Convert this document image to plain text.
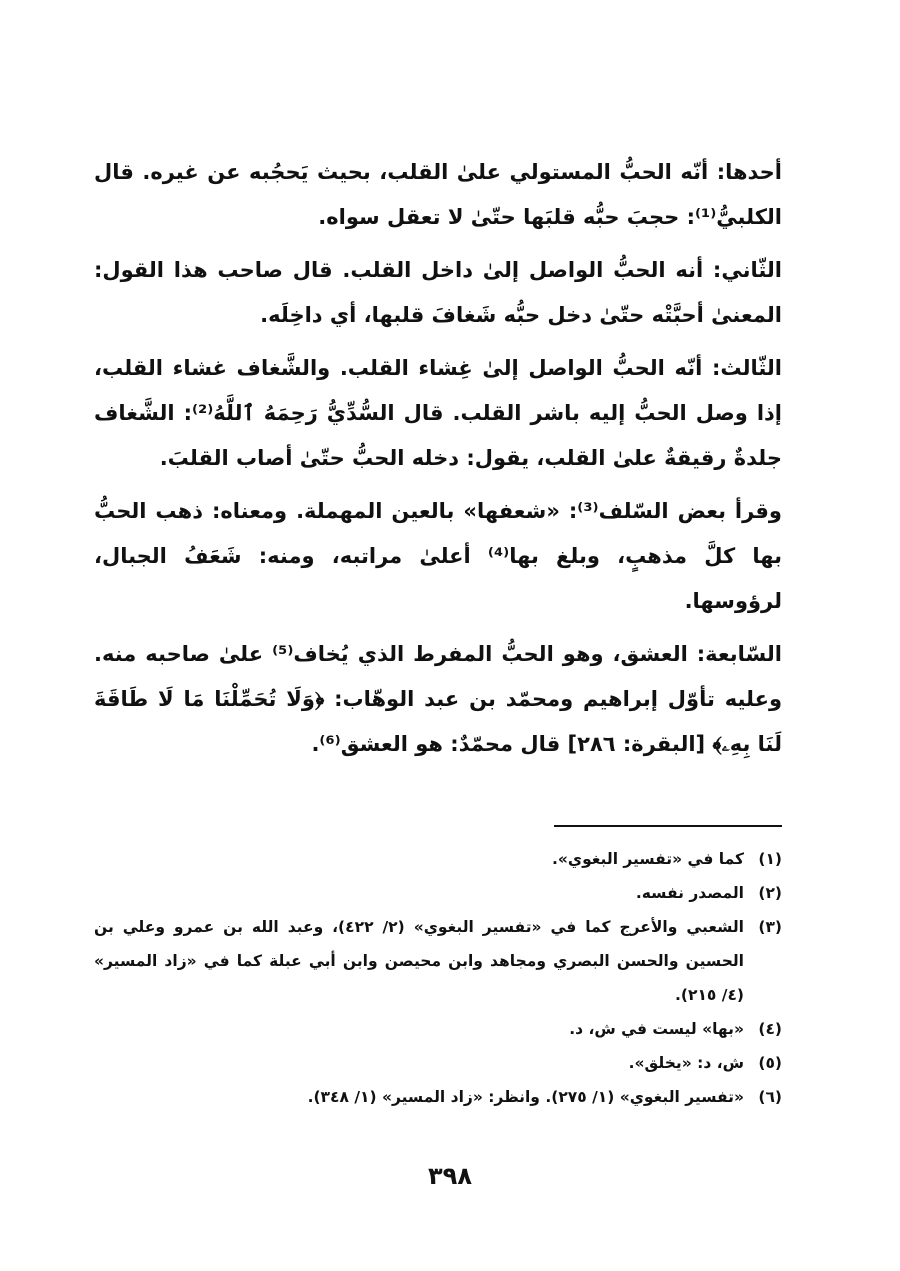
أحدها: أنّه الحبُّ المستولي علىٰ القلب، بحيث يَحجُبه عن غيره. قال الكلبيُّ⁽¹⁾: حجبَ حبُّه قلبَها حتّىٰ لا تعقل سواه.

الثّاني: أنه الحبُّ الواصل إلىٰ داخل القلب. قال صاحب هذا القول: المعنىٰ أحبَّتْه حتّىٰ دخل حبُّه شَغافَ قلبها، أي داخِلَه.

الثّالث: أنّه الحبُّ الواصل إلىٰ غِشاء القلب. والشَّغاف غشاء القلب، إذا وصل الحبُّ إليه باشر القلب. قال السُّدِّيُّ رَحِمَهُ ٱللَّهُ⁽²⁾: الشَّغاف جلدةٌ رقيقةٌ علىٰ القلب، يقول: دخله الحبُّ حتّىٰ أصاب القلبَ.

وقرأ بعض السّلف⁽³⁾: «شعفها» بالعين المهملة. ومعناه: ذهب الحبُّ بها كلَّ مذهبٍ، وبلغ بها⁽⁴⁾ أعلىٰ مراتبه، ومنه: شَعَفُ الجبال، لرؤوسها.

السّابعة: العشق، وهو الحبُّ المفرط الذي يُخاف⁽⁵⁾ علىٰ صاحبه منه. وعليه تأوّل إبراهيم ومحمّد بن عبد الوهّاب: ﴿وَلَا تُحَمِّلْنَا مَا لَا طَاقَةَ لَنَا بِهِۦ﴾ [البقرة: ٢٨٦] قال محمّدٌ: هو العشق⁽⁶⁾.

(١)
كما في «تفسير البغوي».
(٢)
المصدر نفسه.
(٣)
الشعبي والأعرج كما في «تفسير البغوي» (٢/ ٤٢٢)، وعبد الله بن عمرو وعلي بن الحسين والحسن البصري ومجاهد وابن محيصن وابن أبي عبلة كما في «زاد المسير» (٤/ ٢١٥).
(٤)
«بها» ليست في ش، د.
(٥)
ش، د: «يخلق».
(٦)
«تفسير البغوي» (١/ ٢٧٥). وانظر: «زاد المسير» (١/ ٣٤٨).
٣٩٨
